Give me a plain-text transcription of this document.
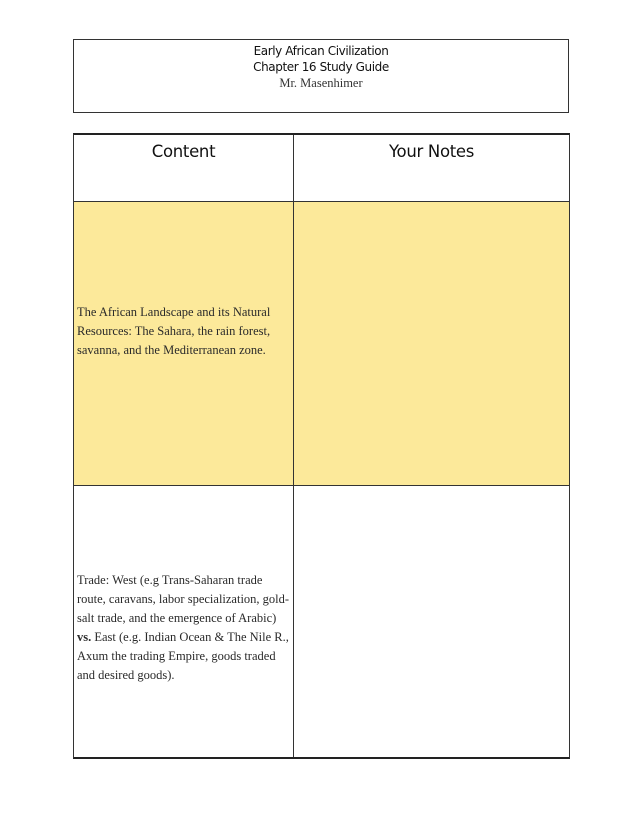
Early African Civilization
Chapter 16 Study Guide
Mr. Masenhimer
Content	Your Notes
The African Landscape and its Natural Resources: The Sahara, the rain forest, savanna, and the Mediterranean zone.
Trade: West (e.g Trans-Saharan trade route, caravans, labor specialization, gold-salt trade, and the emergence of Arabic) vs. East (e.g. Indian Ocean & The Nile R., Axum the trading Empire, goods traded and desired goods).
